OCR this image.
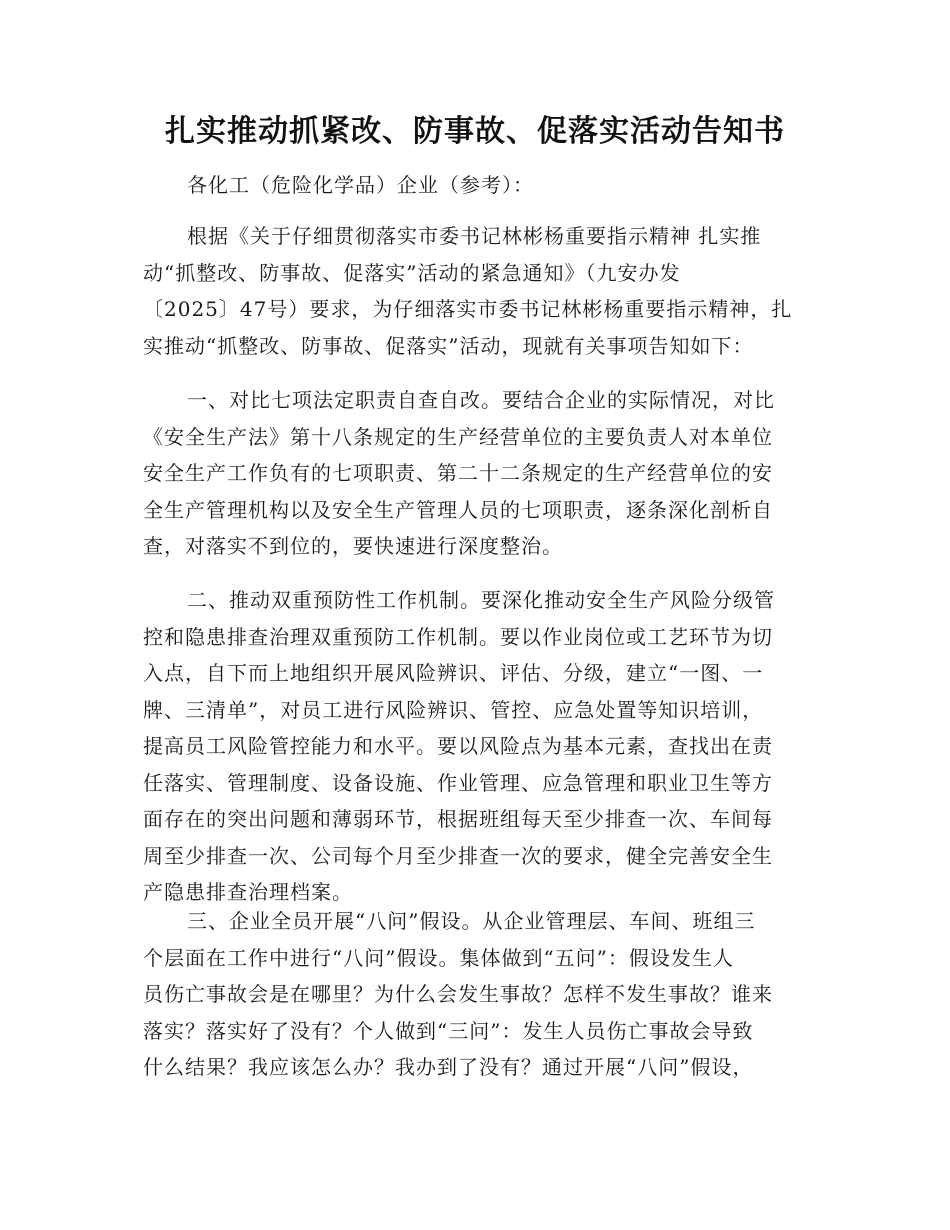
扎实推动抓紧改、防事故、促落实活动告知书
各化工（危险化学品）企业（参考）：
根据《关于仔细贯彻落实市委书记林彬杨重要指示精神 扎实推
动“抓整改、防事故、促落实”活动的紧急通知》（九安办发
〔2025〕47号）要求，为仔细落实市委书记林彬杨重要指示精神，扎
实推动“抓整改、防事故、促落实”活动，现就有关事项告知如下：
一、对比七项法定职责自查自改。要结合企业的实际情况，对比
《安全生产法》第十八条规定的生产经营单位的主要负责人对本单位
安全生产工作负有的七项职责、第二十二条规定的生产经营单位的安
全生产管理机构以及安全生产管理人员的七项职责，逐条深化剖析自
查，对落实不到位的，要快速进行深度整治。
二、推动双重预防性工作机制。要深化推动安全生产风险分级管
控和隐患排查治理双重预防工作机制。要以作业岗位或工艺环节为切
入点，自下而上地组织开展风险辨识、评估、分级，建立“一图、一
牌、三清单”，对员工进行风险辨识、管控、应急处置等知识培训，
提高员工风险管控能力和水平。要以风险点为基本元素，查找出在责
任落实、管理制度、设备设施、作业管理、应急管理和职业卫生等方
面存在的突出问题和薄弱环节，根据班组每天至少排查一次、车间每
周至少排查一次、公司每个月至少排查一次的要求，健全完善安全生
产隐患排查治理档案。
三、企业全员开展“八问”假设。从企业管理层、车间、班组三
个层面在工作中进行“八问”假设。集体做到“五问”：假设发生人
员伤亡事故会是在哪里？为什么会发生事故？怎样不发生事故？谁来
落实？落实好了没有？个人做到“三问”：发生人员伤亡事故会导致
什么结果？我应该怎么办？我办到了没有？通过开展“八问”假设，
